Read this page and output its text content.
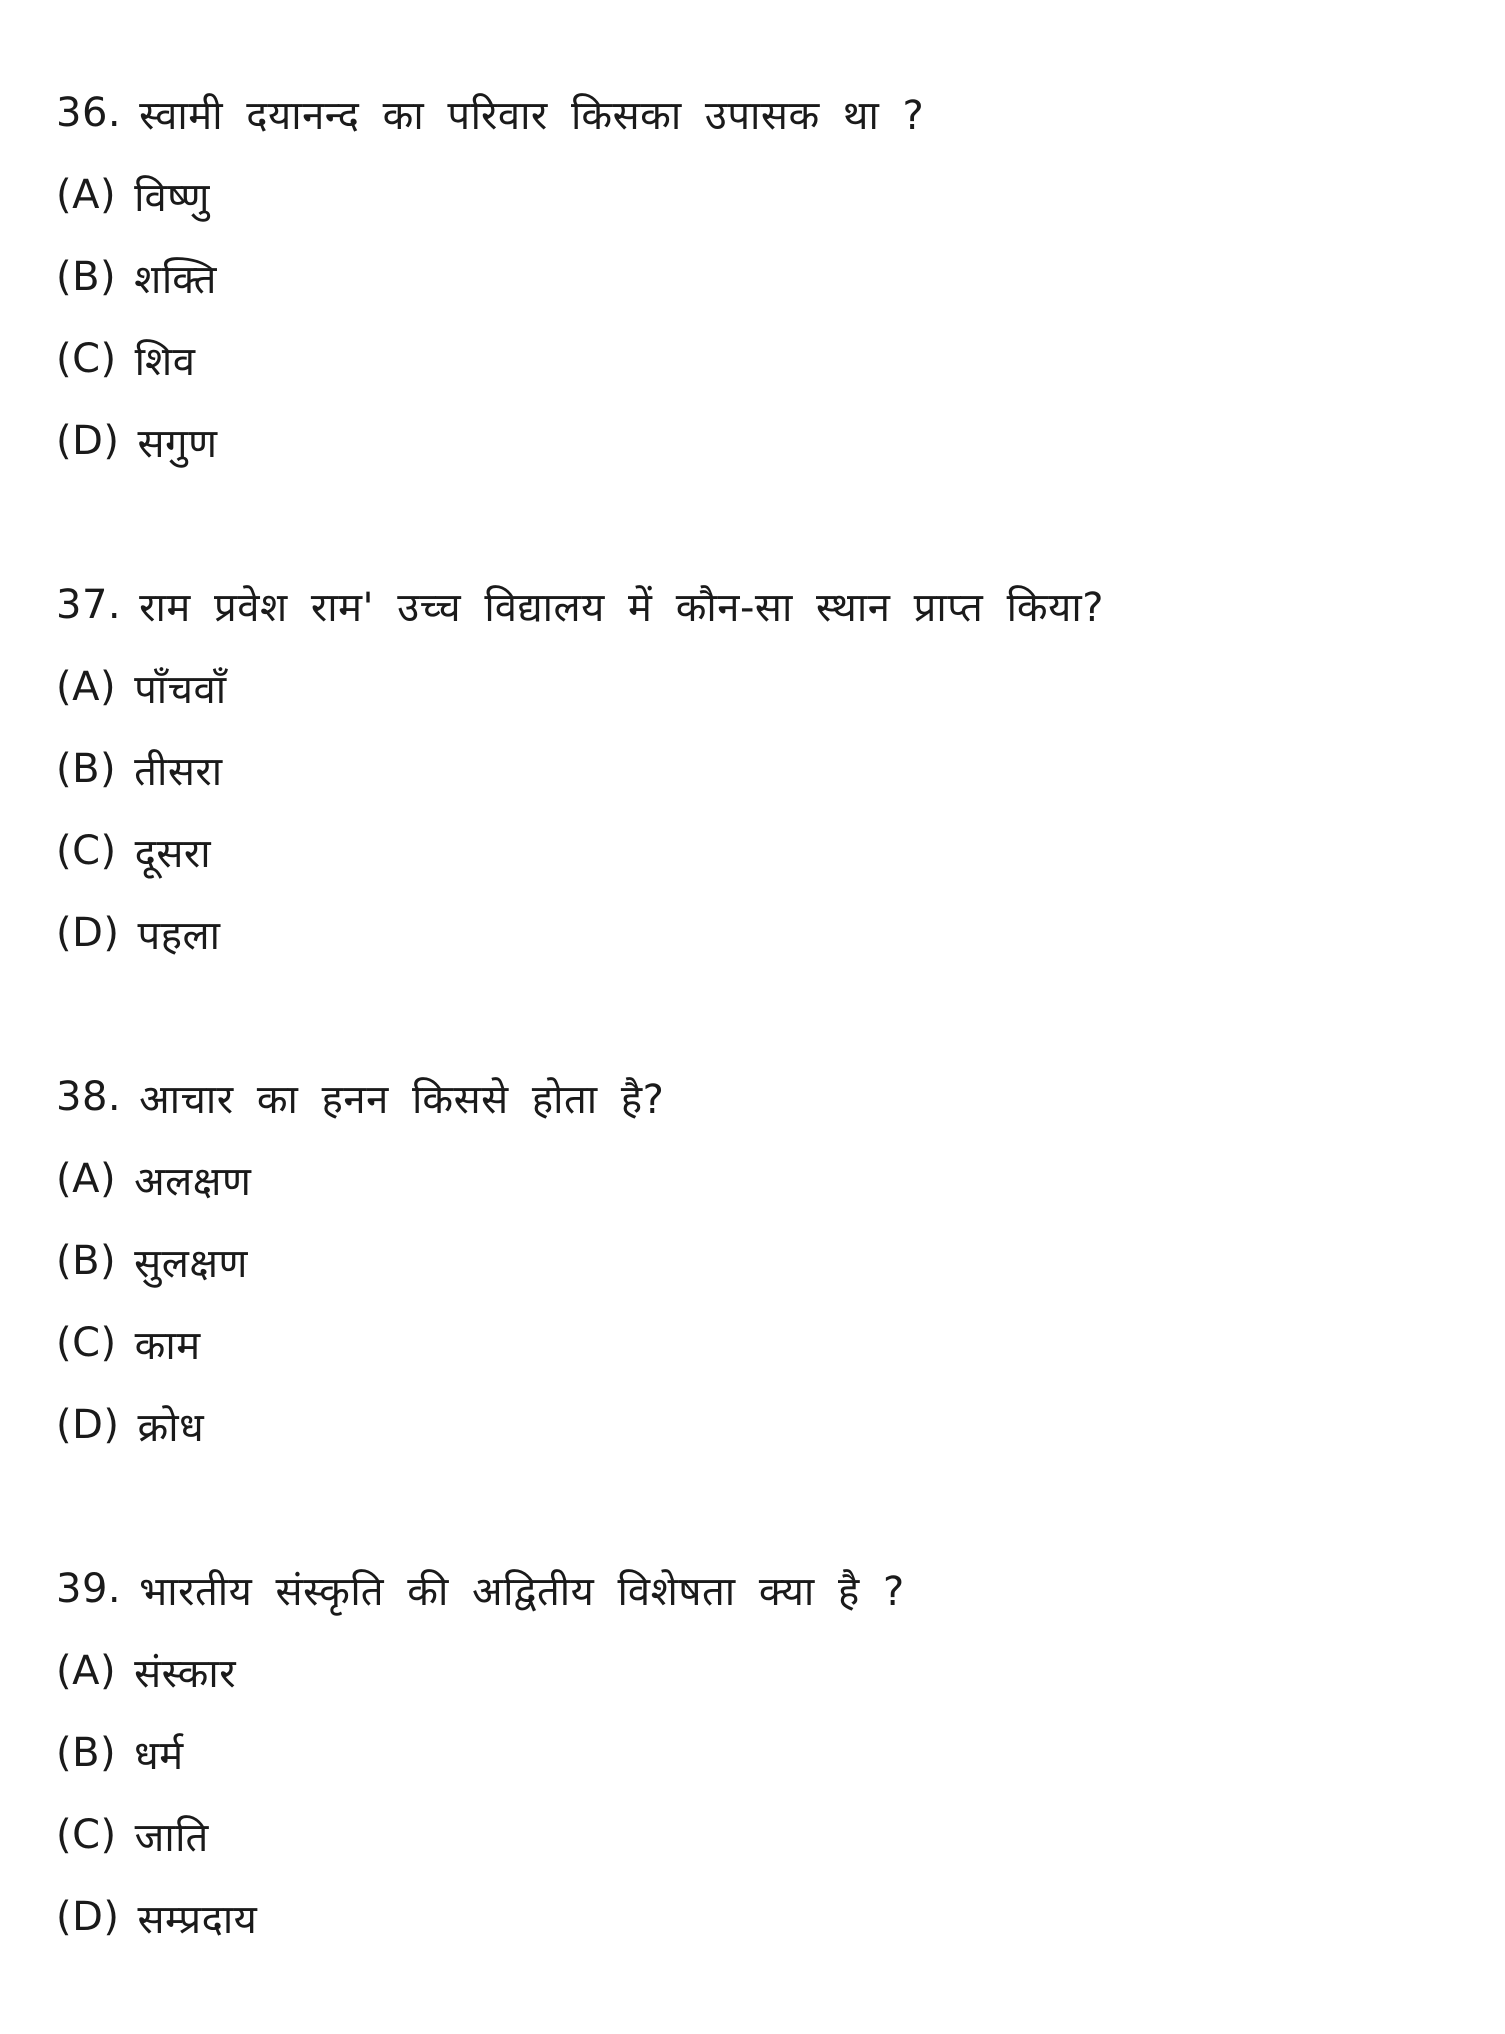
36. स्वामी दयानन्द का परिवार किसका उपासक था ?
(A) विष्णु
(B) शक्ति
(C) शिव
(D) सगुण
37. राम प्रवेश राम' उच्च विद्यालय में कौन-सा स्थान प्राप्त किया?
(A) पाँचवाँ
(B) तीसरा
(C) दूसरा
(D) पहला
38. आचार का हनन किससे होता है?
(A) अलक्षण
(B) सुलक्षण
(C) काम
(D) क्रोध
39. भारतीय संस्कृति की अद्वितीय विशेषता क्या है ?
(A) संस्कार
(B) धर्म
(C) जाति
(D) सम्प्रदाय
